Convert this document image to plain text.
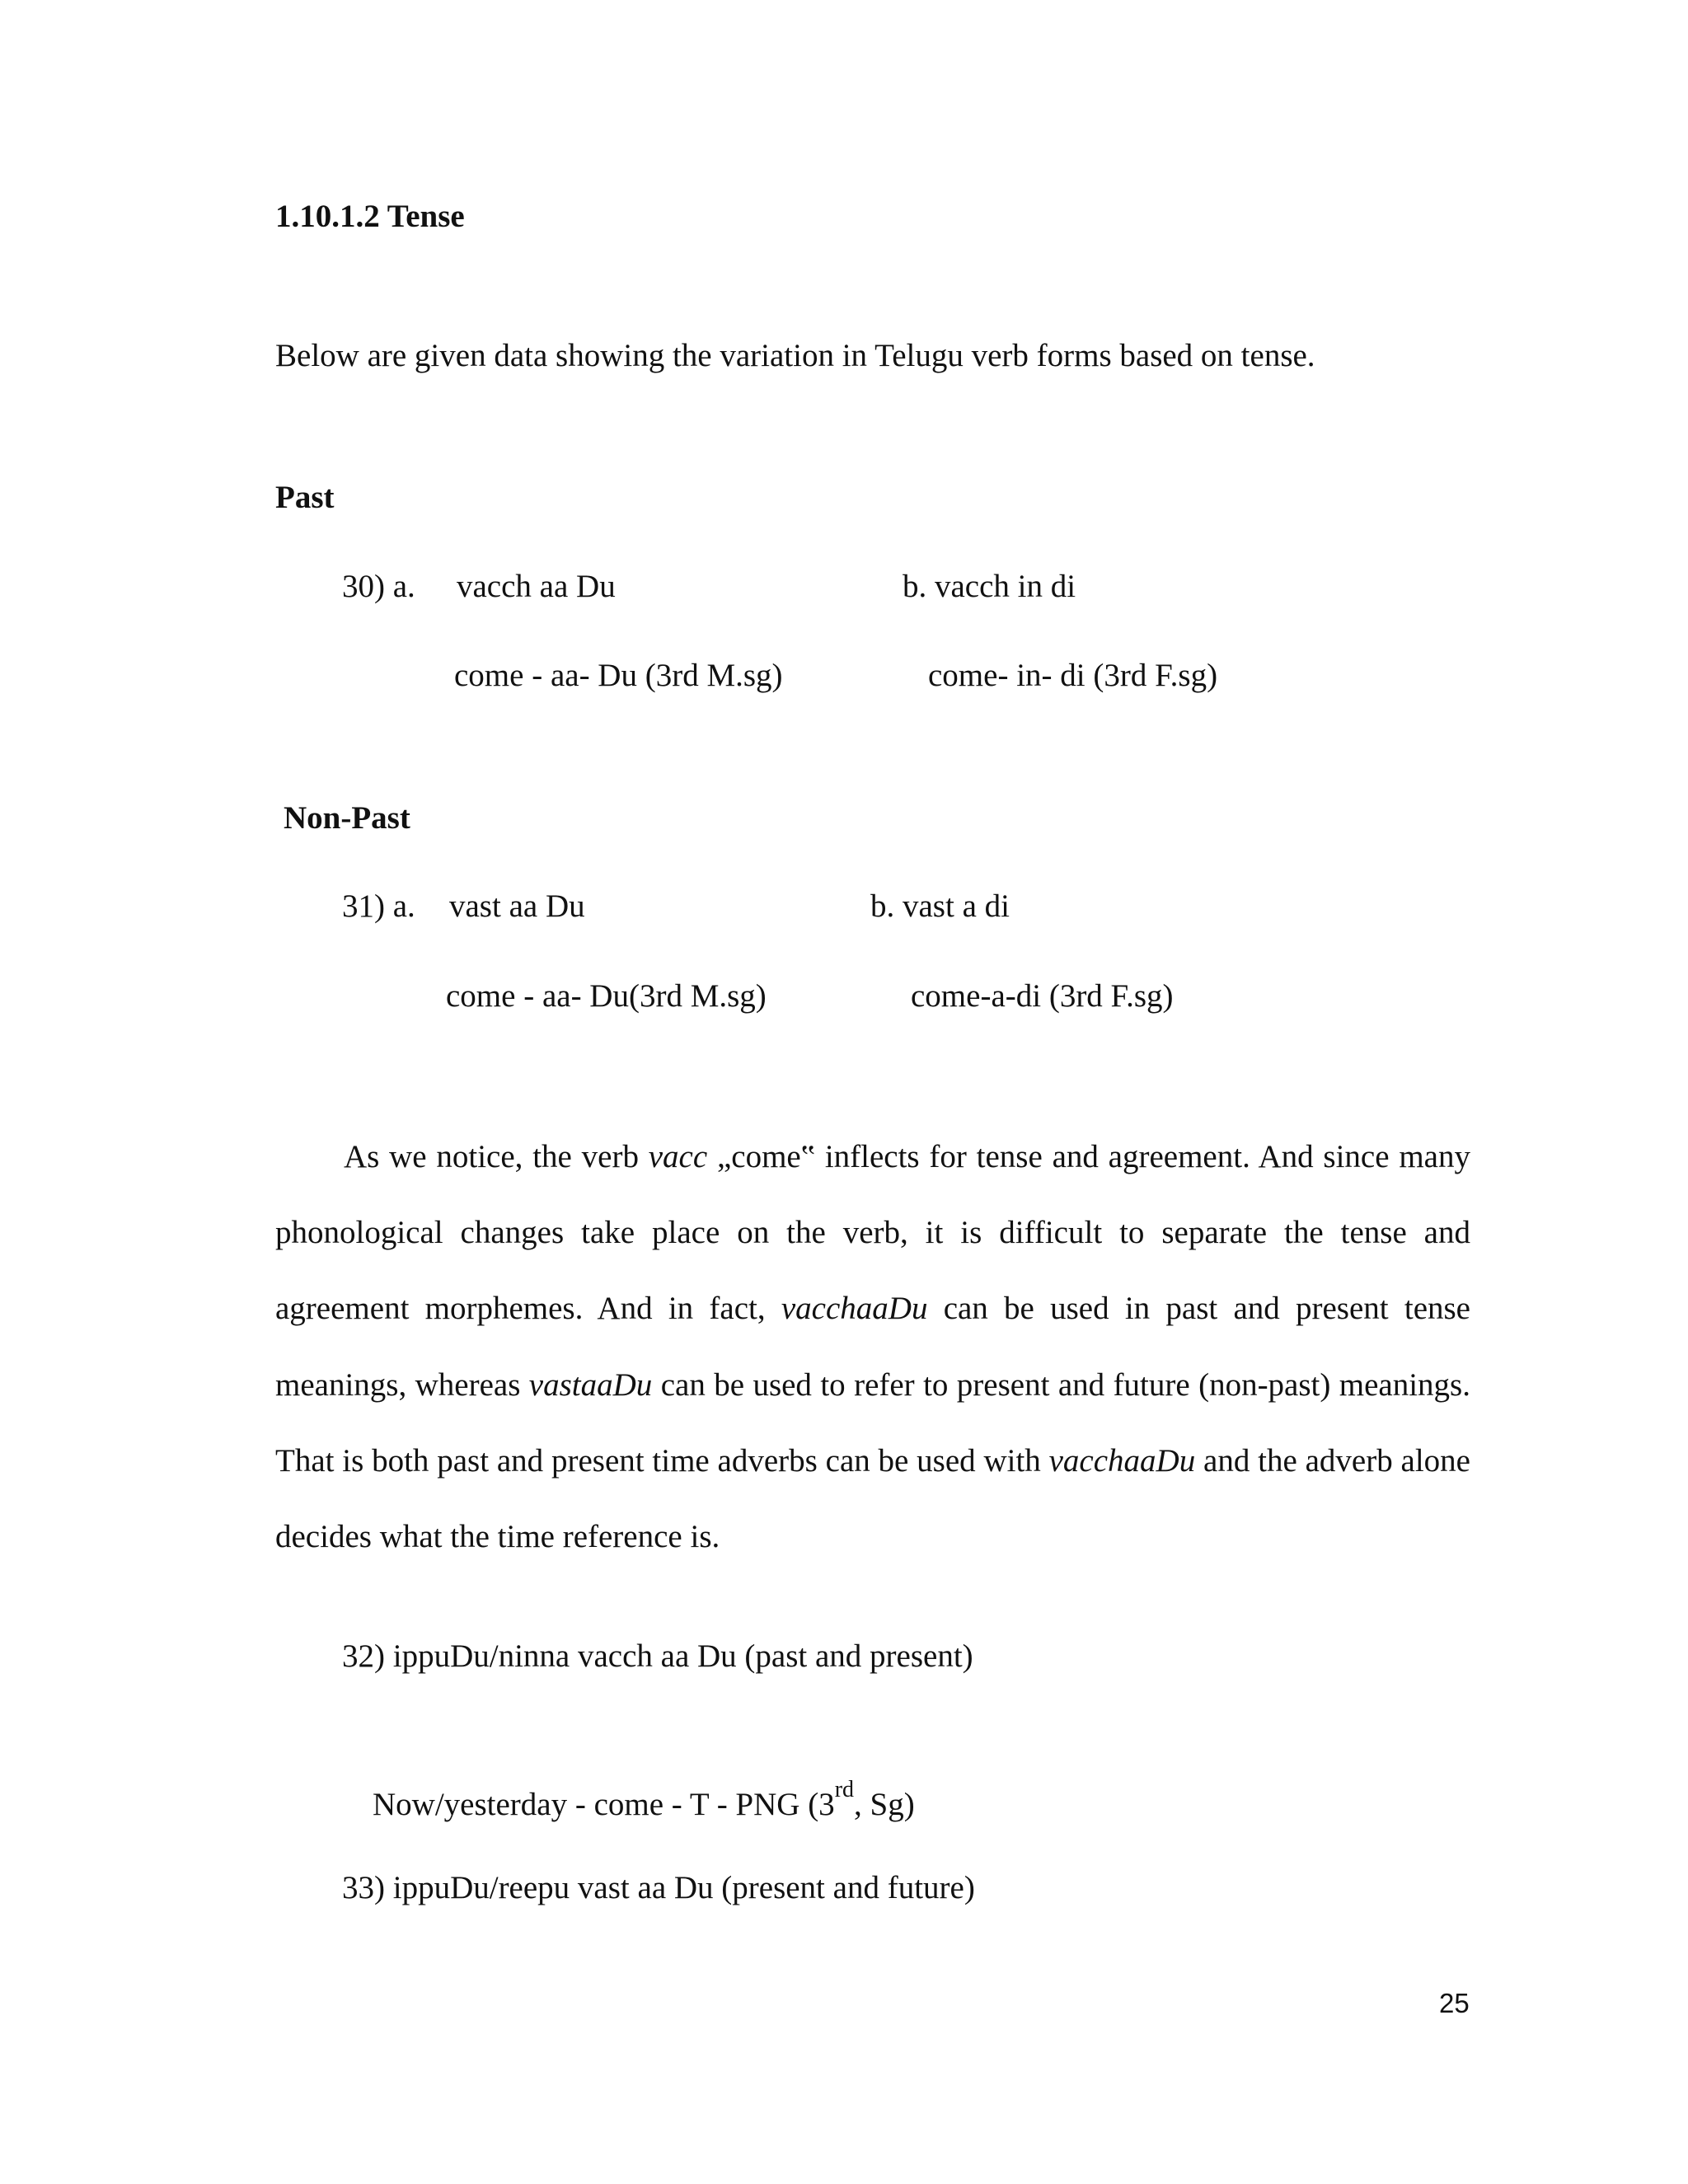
1.10.1.2 Tense
Below are given data showing the variation in Telugu verb forms based on tense.
Past
30) a. vacch aa Du	b. vacch in di
come - aa- Du (3rd M.sg)	come- in- di (3rd F.sg)
Non-Past
31) a. vast aa Du	b. vast a di
come - aa- Du(3rd M.sg)	come-a-di (3rd F.sg)
As we notice, the verb vacc „come‟ inflects for tense and agreement. And since many phonological changes take place on the verb, it is difficult to separate the tense and agreement morphemes. And in fact, vacchaaDu can be used in past and present tense meanings, whereas vastaaDu can be used to refer to present and future (non-past) meanings. That is both past and present time adverbs can be used with vacchaaDu and the adverb alone decides what the time reference is.
32) ippuDu/ninna vacch aa Du (past and present)
Now/yesterday - come - T - PNG (3rd, Sg)
33) ippuDu/reepu vast aa Du (present and future)
25
